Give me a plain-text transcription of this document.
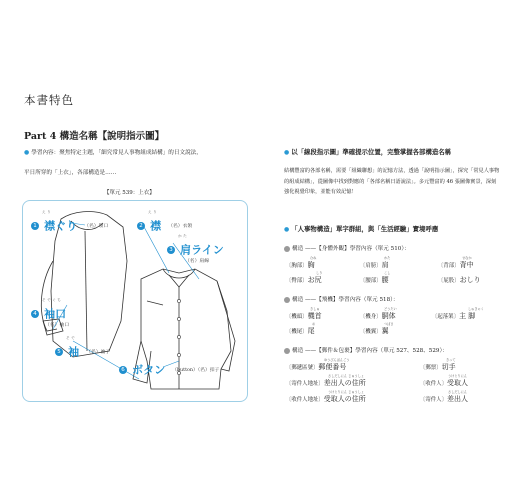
本書特色
Part 4 構造名稱【說明指示圖】
● 學習內容：聚焦特定主題，「細究常見人事物組成結構」的日文說法，
平日所穿的「上衣」，各部構造是……
【單元 539：上衣】
えり
1 襟ぐり （名）領口
えり
2 襟 （名）衣領
かた
3 肩ライン
（名）肩線
そでぐち
4 袖口
（名）袖口
そで
5 袖 （名）袖子
6 ボタン （button）（名）扣子
● 以「線段指示圖」準確提示位置，完整掌握各部構造名稱
結構豐富的各部名稱，需要「組織聯想」的記憶方法，透過「說明指示圖」，探究「常見人事物的組成結構」，從圖像中找到對應的「各部名稱日語說法」。多元豐富的 46 張圖像實景，深刻強化視覺印象，並能有效記憶！
● 「人事物構造」單字群組，與「生活經驗」實境呼應
構造 ——【身體外觀】學習內容（單元 510）：
〔胸部〕胸
むね
〔肩膀〕肩
かた
〔背部〕背中
せなか
〔臀部〕お尻
しり
〔腰部〕腰
こし
〔屁股〕おしり
構造 ——【飛機】學習內容（單元 518）：
〔機頭〕機首
きしゅ
〔機身〕胴体
どうたい
〔起落架〕主 脚
しゅきゃく
〔機尾〕尾
お
〔機翼〕翼
つばさ
構造 ——【郵件＆包裹】學習內容（單元 527、528、529）：
〔郵遞區號〕郵便番号
ゆうびんばんごう
〔郵票〕切手
きって
〔寄件人地址〕差出人の住所
さしだしにん じゅうしょ
〔收件人〕受取人
うけとりにん
〔收件人地址〕受取人の住所
うけとりにん じゅうしょ
〔寄件人〕差出人
さしだしにん
